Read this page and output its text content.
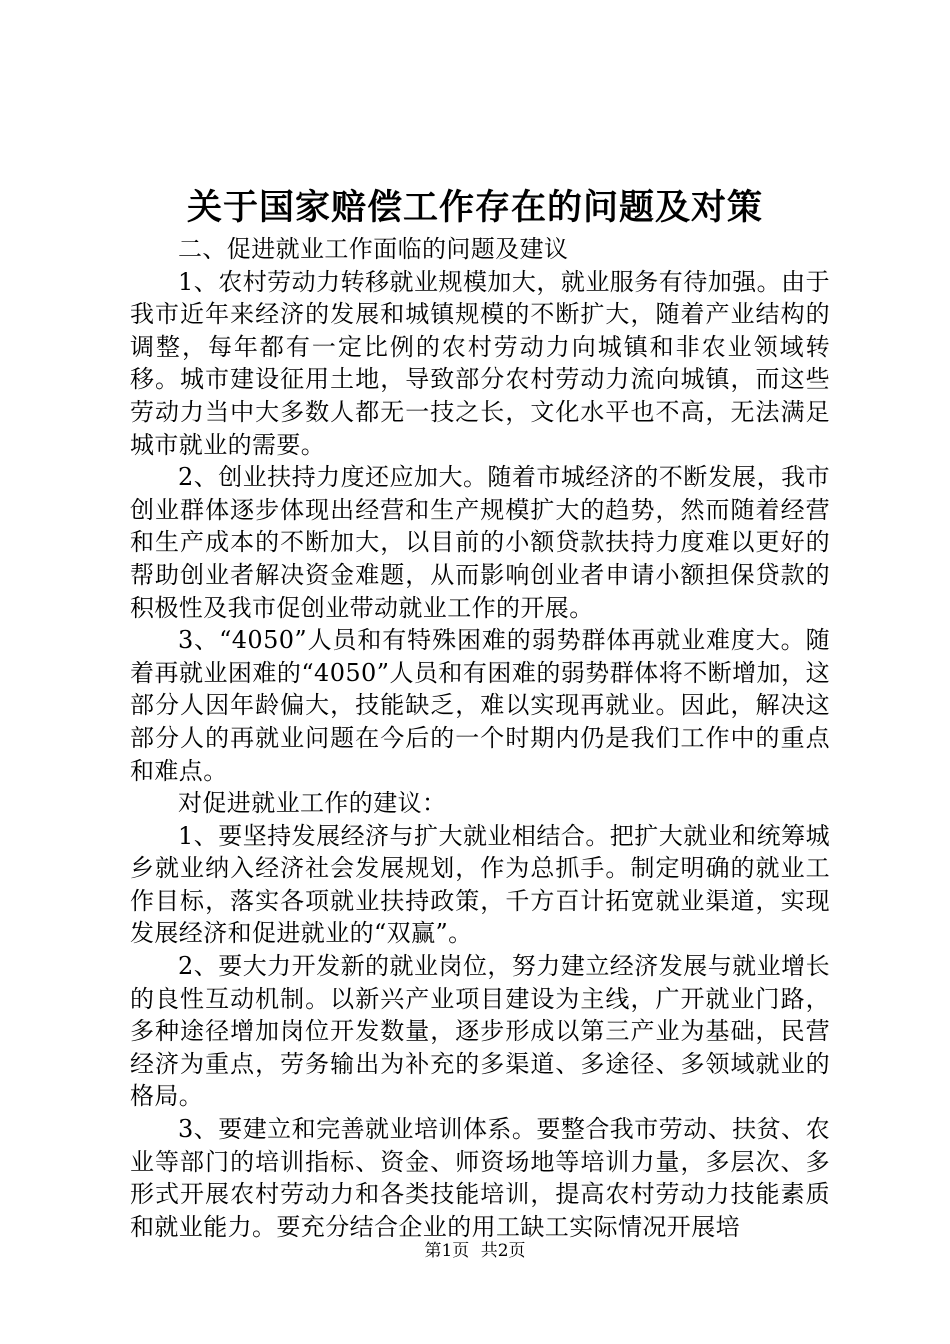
关于国家赔偿工作存在的问题及对策

二、促进就业工作面临的问题及建议

1、农村劳动力转移就业规模加大，就业服务有待加强。由于我市近年来经济的发展和城镇规模的不断扩大，随着产业结构的调整，每年都有一定比例的农村劳动力向城镇和非农业领域转移。城市建设征用土地，导致部分农村劳动力流向城镇，而这些劳动力当中大多数人都无一技之长，文化水平也不高，无法满足城市就业的需要。

2、创业扶持力度还应加大。随着市城经济的不断发展，我市创业群体逐步体现出经营和生产规模扩大的趋势，然而随着经营和生产成本的不断加大，以目前的小额贷款扶持力度难以更好的帮助创业者解决资金难题，从而影响创业者申请小额担保贷款的积极性及我市促创业带动就业工作的开展。

3、“4050”人员和有特殊困难的弱势群体再就业难度大。随着再就业困难的“4050”人员和有困难的弱势群体将不断增加，这部分人因年龄偏大，技能缺乏，难以实现再就业。因此，解决这部分人的再就业问题在今后的一个时期内仍是我们工作中的重点和难点。

对促进就业工作的建议：

1、要坚持发展经济与扩大就业相结合。把扩大就业和统筹城乡就业纳入经济社会发展规划，作为总抓手。制定明确的就业工作目标，落实各项就业扶持政策，千方百计拓宽就业渠道，实现发展经济和促进就业的“双赢”。

2、要大力开发新的就业岗位，努力建立经济发展与就业增长的良性互动机制。以新兴产业项目建设为主线，广开就业门路，多种途径增加岗位开发数量，逐步形成以第三产业为基础，民营经济为重点，劳务输出为补充的多渠道、多途径、多领域就业的格局。

3、要建立和完善就业培训体系。要整合我市劳动、扶贫、农业等部门的培训指标、资金、师资场地等培训力量，多层次、多形式开展农村劳动力和各类技能培训，提高农村劳动力技能素质和就业能力。要充分结合企业的用工缺工实际情况开展培

第1页 共2页
